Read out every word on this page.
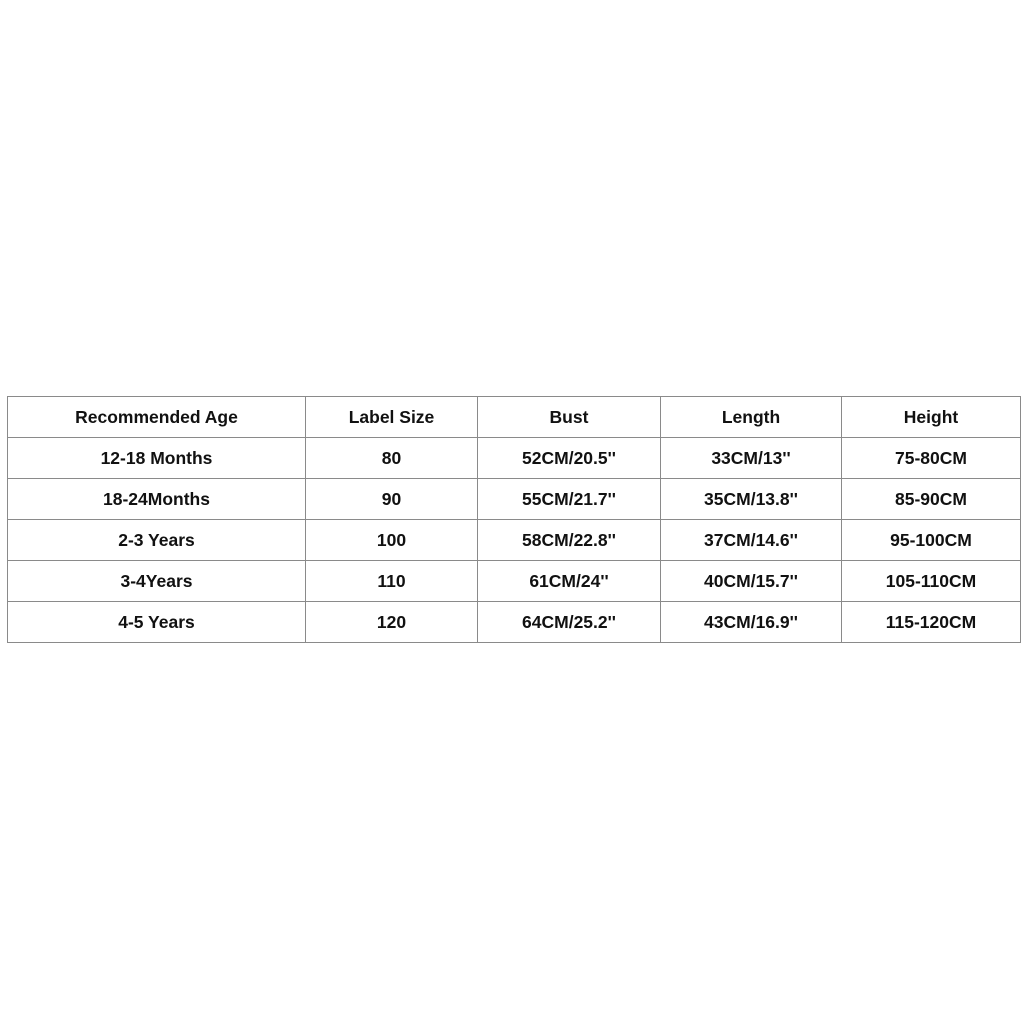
Recommended Age	Label Size	Bust	Length	Height
12-18 Months	80	52CM/20.5''	33CM/13''	75-80CM
18-24Months	90	55CM/21.7''	35CM/13.8''	85-90CM
2-3 Years	100	58CM/22.8''	37CM/14.6''	95-100CM
3-4Years	110	61CM/24''	40CM/15.7''	105-110CM
4-5 Years	120	64CM/25.2''	43CM/16.9''	115-120CM
